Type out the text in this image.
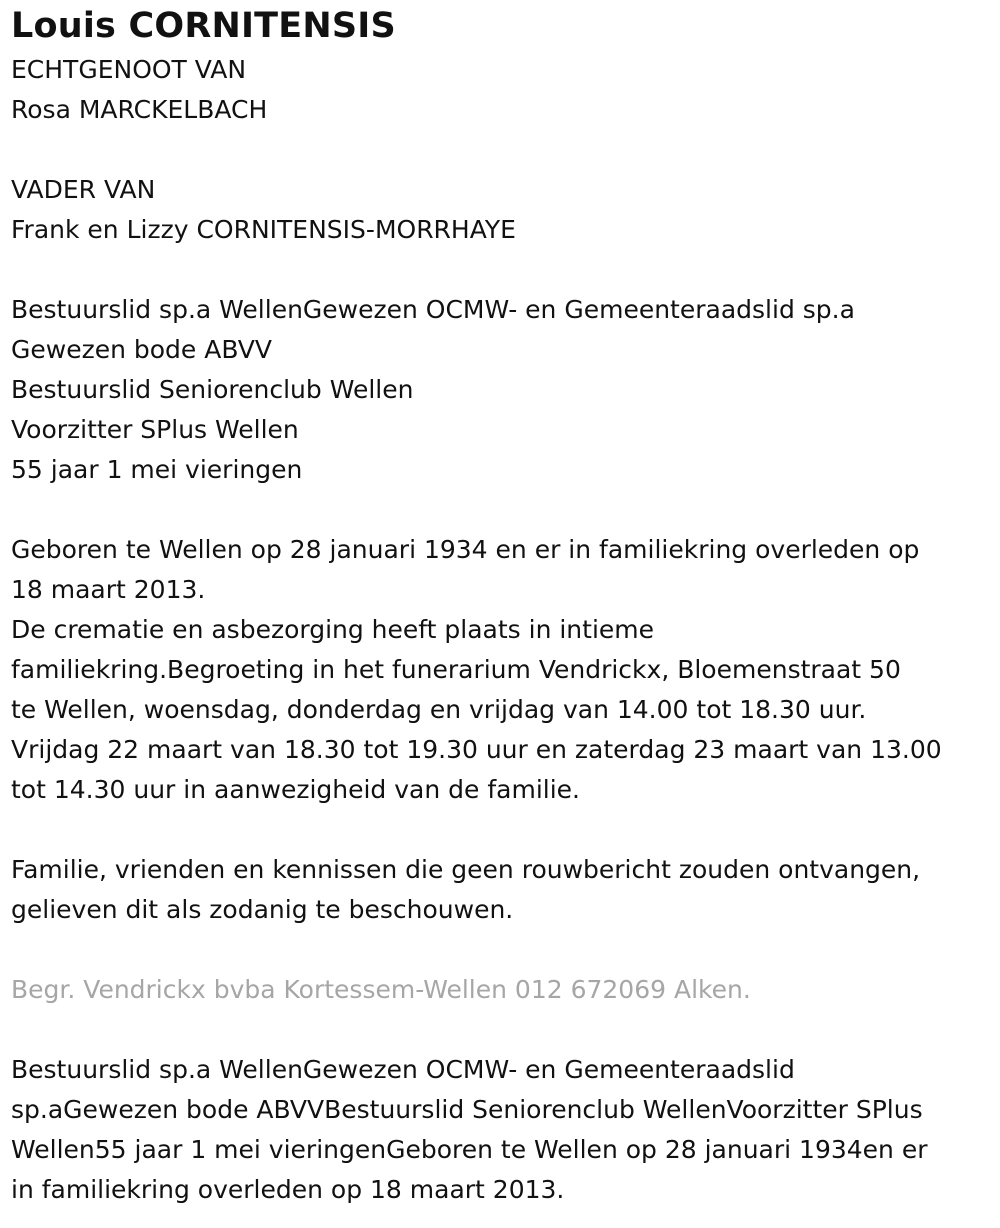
Louis CORNITENSIS
ECHTGENOOT VAN
Rosa MARCKELBACH
VADER VAN
Frank en Lizzy CORNITENSIS-MORRHAYE
Bestuurslid sp.a WellenGewezen OCMW- en Gemeenteraadslid sp.a
Gewezen bode ABVV
Bestuurslid Seniorenclub Wellen
Voorzitter SPlus Wellen
55 jaar 1 mei vieringen
Geboren te Wellen op 28 januari 1934 en er in familiekring overleden op
18 maart 2013.
De crematie en asbezorging heeft plaats in intieme
familiekring.Begroeting in het funerarium Vendrickx, Bloemenstraat 50
te Wellen, woensdag, donderdag en vrijdag van 14.00 tot 18.30 uur.
Vrijdag 22 maart van 18.30 tot 19.30 uur en zaterdag 23 maart van 13.00
tot 14.30 uur in aanwezigheid van de familie.
Familie, vrienden en kennissen die geen rouwbericht zouden ontvangen,
gelieven dit als zodanig te beschouwen.
Begr. Vendrickx bvba Kortessem-Wellen 012 672069 Alken.
Bestuurslid sp.a WellenGewezen OCMW- en Gemeenteraadslid
sp.aGewezen bode ABVVBestuurslid Seniorenclub WellenVoorzitter SPlus
Wellen55 jaar 1 mei vieringenGeboren te Wellen op 28 januari 1934en er
in familiekring overleden op 18 maart 2013.
